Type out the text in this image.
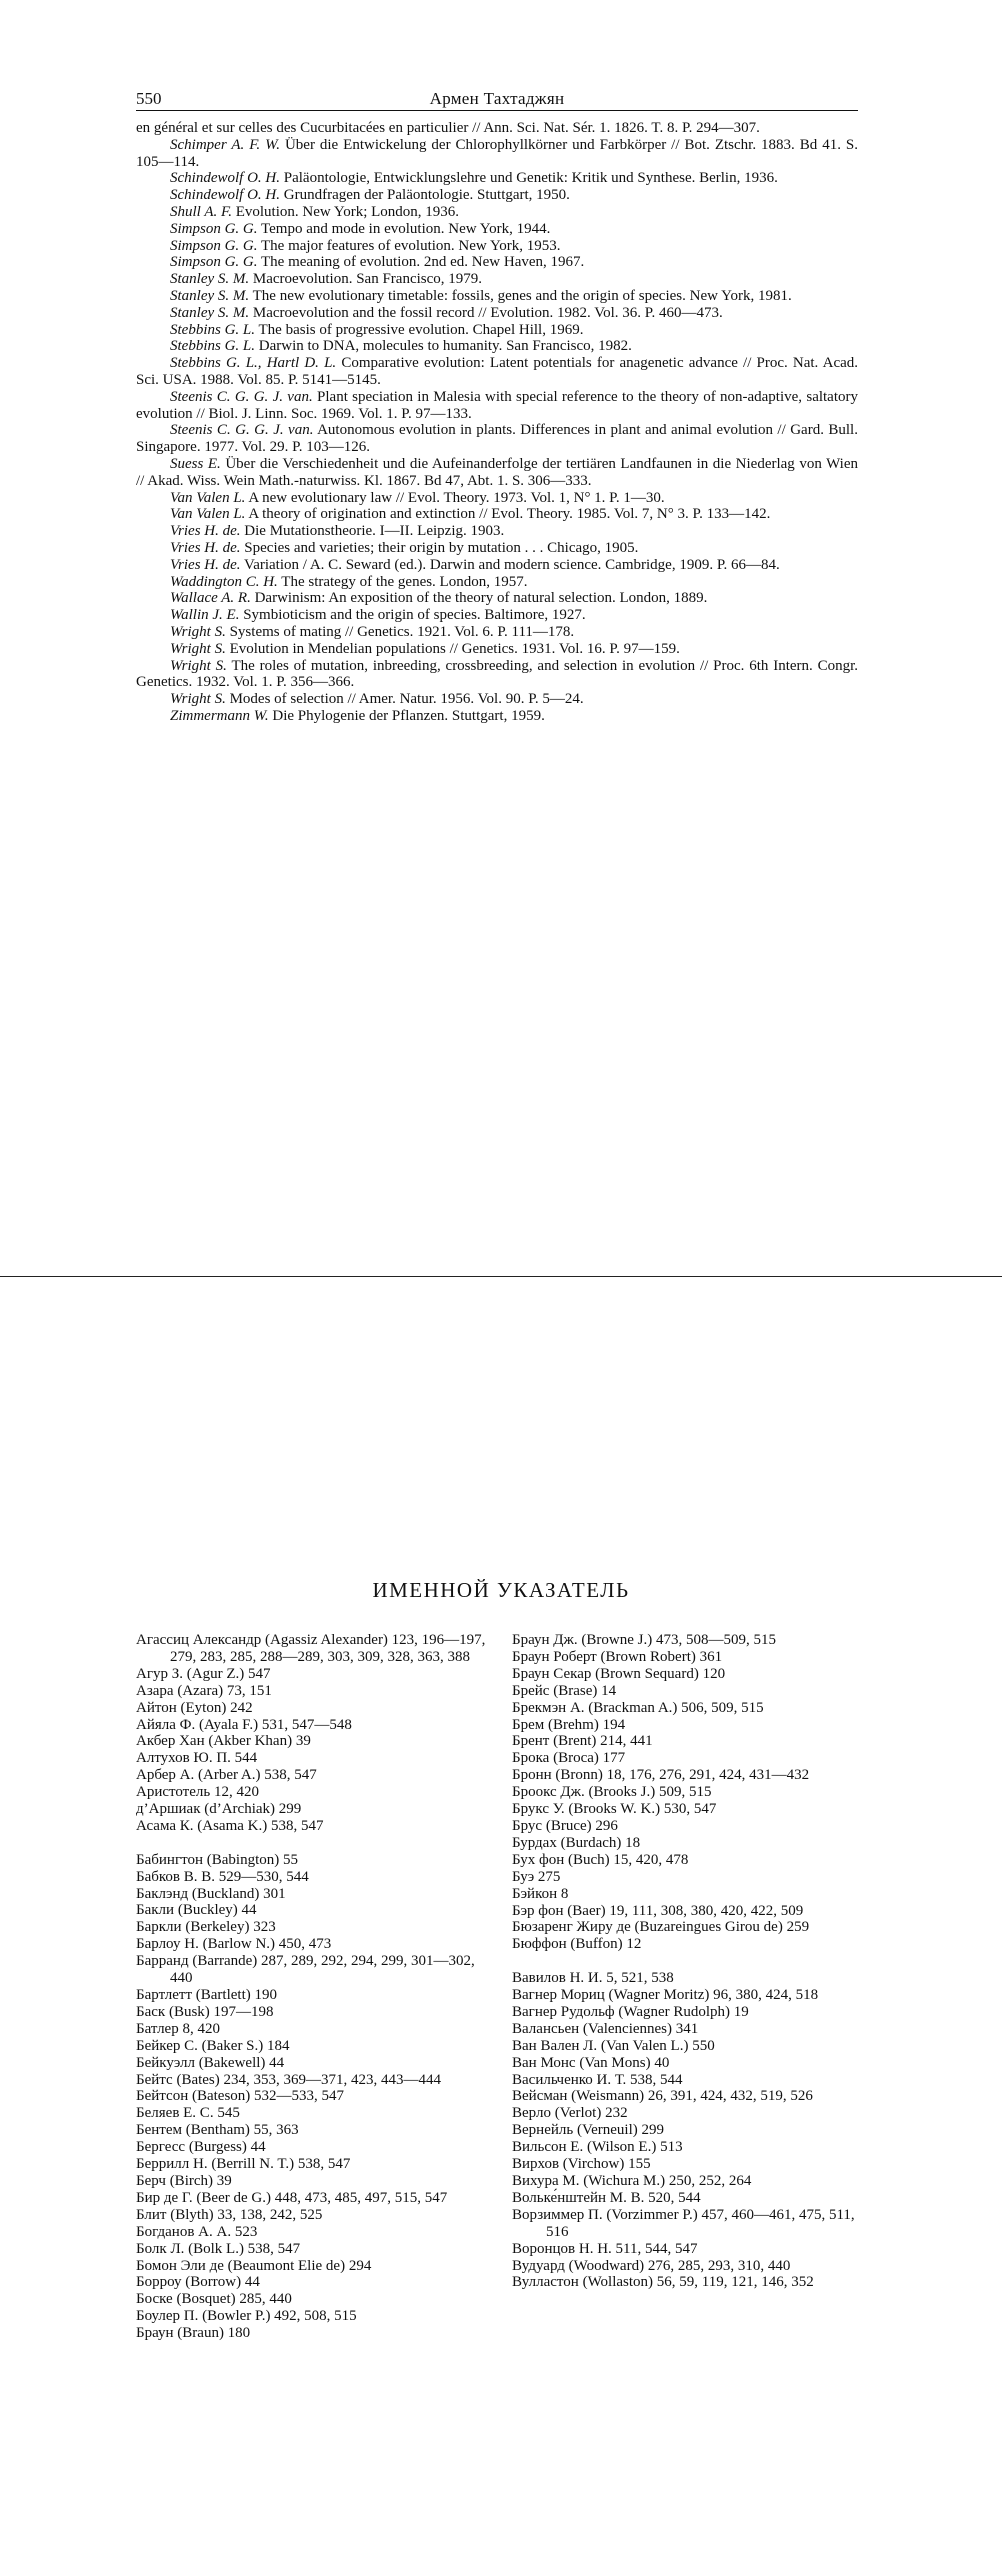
550	Армен Тахтаджян

en général et sur celles des Cucurbitacées en particulier // Ann. Sci. Nat. Sér. 1. 1826. T. 8. P. 294—307.

Schimper A. F. W. Über die Entwickelung der Chlorophyllkörner und Farbkörper // Bot. Ztschr. 1883. Bd 41. S. 105—114.

Schindewolf O. H. Paläontologie, Entwicklungslehre und Genetik: Kritik und Synthese. Berlin, 1936.

Schindewolf O. H. Grundfragen der Paläontologie. Stuttgart, 1950.

Shull A. F. Evolution. New York; London, 1936.

Simpson G. G. Tempo and mode in evolution. New York, 1944.

Simpson G. G. The major features of evolution. New York, 1953.

Simpson G. G. The meaning of evolution. 2nd ed. New Haven, 1967.

Stanley S. M. Macroevolution. San Francisco, 1979.

Stanley S. M. The new evolutionary timetable: fossils, genes and the origin of species. New York, 1981.

Stanley S. M. Macroevolution and the fossil record // Evolution. 1982. Vol. 36. P. 460—473.

Stebbins G. L. The basis of progressive evolution. Chapel Hill, 1969.

Stebbins G. L. Darwin to DNA, molecules to humanity. San Francisco, 1982.

Stebbins G. L., Hartl D. L. Comparative evolution: Latent potentials for anagenetic advance // Proc. Nat. Acad. Sci. USA. 1988. Vol. 85. P. 5141—5145.

Steenis C. G. G. J. van. Plant speciation in Malesia with special reference to the theory of non-adaptive, saltatory evolution // Biol. J. Linn. Soc. 1969. Vol. 1. P. 97—133.

Steenis C. G. G. J. van. Autonomous evolution in plants. Differences in plant and animal evolution // Gard. Bull. Singapore. 1977. Vol. 29. P. 103—126.

Suess E. Über die Verschiedenheit und die Aufeinanderfolge der tertiären Landfaunen in die Niederlag von Wien // Akad. Wiss. Wein Math.-naturwiss. Kl. 1867. Bd 47, Abt. 1. S. 306—333.

Van Valen L. A new evolutionary law // Evol. Theory. 1973. Vol. 1, N° 1. P. 1—30.

Van Valen L. A theory of origination and extinction // Evol. Theory. 1985. Vol. 7, N° 3. P. 133—142.

Vries H. de. Die Mutationstheorie. I—II. Leipzig. 1903.

Vries H. de. Species and varieties; their origin by mutation . . . Chicago, 1905.

Vries H. de. Variation / A. C. Seward (ed.). Darwin and modern science. Cambridge, 1909. P. 66—84.

Waddington C. H. The strategy of the genes. London, 1957.

Wallace A. R. Darwinism: An exposition of the theory of natural selection. London, 1889.

Wallin J. E. Symbioticism and the origin of species. Baltimore, 1927.

Wright S. Systems of mating // Genetics. 1921. Vol. 6. P. 111—178.

Wright S. Evolution in Mendelian populations // Genetics. 1931. Vol. 16. P. 97—159.

Wright S. The roles of mutation, inbreeding, crossbreeding, and selection in evolution // Proc. 6th Intern. Congr. Genetics. 1932. Vol. 1. P. 356—366.

Wright S. Modes of selection // Amer. Natur. 1956. Vol. 90. P. 5—24.

Zimmermann W. Die Phylogenie der Pflanzen. Stuttgart, 1959.

ИМЕННОЙ УКАЗАТЕЛЬ

Агассиц Александр (Agassiz Alexander) 123, 196—197, 279, 283, 285, 288—289, 303, 309, 328, 363, 388

Агур З. (Agur Z.) 547

Азара (Azara) 73, 151

Айтон (Eyton) 242

Айяла Ф. (Ayala F.) 531, 547—548

Акбер Хан (Akber Khan) 39

Алтухов Ю. П. 544

Арбер А. (Arber A.) 538, 547

Аристотель 12, 420

д’Аршиак (d’Archiak) 299

Асама К. (Asama K.) 538, 547

Бабингтон (Babington) 55

Бабков В. В. 529—530, 544

Баклэнд (Buckland) 301

Бакли (Buckley) 44

Баркли (Berkeley) 323

Барлоу Н. (Barlow N.) 450, 473

Барранд (Barrande) 287, 289, 292, 294, 299, 301—302, 440

Бартлетт (Bartlett) 190

Баск (Busk) 197—198

Батлер 8, 420

Бейкер С. (Baker S.) 184

Бейкуэлл (Bakewell) 44

Бейтс (Bates) 234, 353, 369—371, 423, 443—444

Бейтсон (Bateson) 532—533, 547

Беляев Е. С. 545

Бентем (Bentham) 55, 363

Бергесс (Burgess) 44

Беррилл Н. (Berrill N. T.) 538, 547

Берч (Birch) 39

Бир де Г. (Beer de G.) 448, 473, 485, 497, 515, 547

Блит (Blyth) 33, 138, 242, 525

Богданов А. А. 523

Болк Л. (Bolk L.) 538, 547

Бомон Эли де (Beaumont Elie de) 294

Борроу (Borrow) 44

Боске (Bosquet) 285, 440

Боулер П. (Bowler P.) 492, 508, 515

Браун (Braun) 180

Браун Дж. (Browne J.) 473, 508—509, 515

Браун Роберт (Brown Robert) 361

Браун Секар (Brown Sequard) 120

Брейс (Brase) 14

Брекмэн А. (Brackman A.) 506, 509, 515

Брем (Brehm) 194

Брент (Brent) 214, 441

Брока (Broca) 177

Бронн (Bronn) 18, 176, 276, 291, 424, 431—432

Броокс Дж. (Brooks J.) 509, 515

Брукс У. (Brooks W. K.) 530, 547

Брус (Bruce) 296

Бурдах (Burdach) 18

Бух фон (Buch) 15, 420, 478

Буэ 275

Бэйкон 8

Бэр фон (Baer) 19, 111, 308, 380, 420, 422, 509

Бюзаренг Жиру де (Buzareingues Girou de) 259

Бюффон (Buffon) 12

Вавилов Н. И. 5, 521, 538

Вагнер Мориц (Wagner Moritz) 96, 380, 424, 518

Вагнер Рудольф (Wagner Rudolph) 19

Валансьен (Valenciennes) 341

Ван Вален Л. (Van Valen L.) 550

Ван Монс (Van Mons) 40

Васильченко И. Т. 538, 544

Вейсман (Weismann) 26, 391, 424, 432, 519, 526

Верло (Verlot) 232

Вернейль (Verneuil) 299

Вильсон Е. (Wilson E.) 513

Вирхов (Virchow) 155

Вихура М. (Wichura M.) 250, 252, 264

Вольке́нштейн М. В. 520, 544

Ворзиммер П. (Vorzimmer P.) 457, 460—461, 475, 511, 516

Воронцов Н. Н. 511, 544, 547

Вудуард (Woodward) 276, 285, 293, 310, 440

Вулластон (Wollaston) 56, 59, 119, 121, 146, 352
